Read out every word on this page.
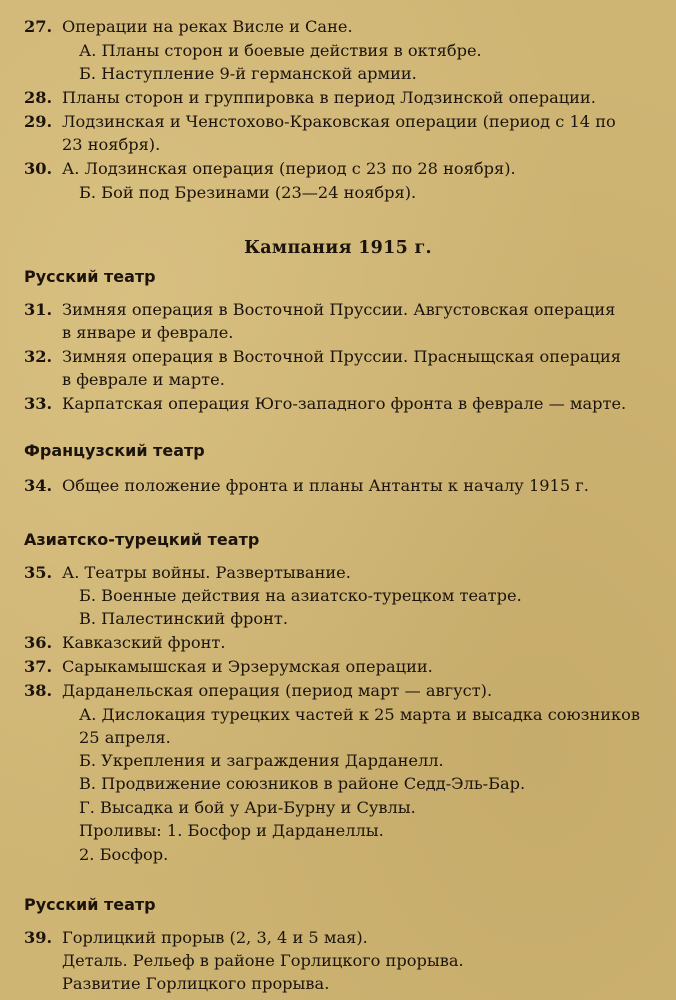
27. Операции на реках Висле и Сане.
А. Планы сторон и боевые действия в октябре.
Б. Наступление 9-й германской армии.
28. Планы сторон и группировка в период Лодзинской операции.
29. Лодзинская и Ченстохово-Краковская операции (период с 14 по
23 ноября).
30. А. Лодзинская операция (период с 23 по 28 ноября).
Б. Бой под Брезинами (23—24 ноября).
Кампания 1915 г.
Русский театр
31. Зимняя операция в Восточной Пруссии. Августовская операция
в январе и феврале.
32. Зимняя операция в Восточной Пруссии. Прасныщская операция
в феврале и марте.
33. Карпатская операция Юго-западного фронта в феврале — марте.
Французский театр
34. Общее положение фронта и планы Антанты к началу 1915 г.
Азиатско-турецкий театр
35. А. Театры войны. Развертывание.
Б. Военные действия на азиатско-турецком театре.
В. Палестинский фронт.
36. Кавказский фронт.
37. Сарыкамышская и Эрзерумская операции.
38. Дарданельская операция (период март — август).
А. Дислокация турецких частей к 25 марта и высадка союзников
25 апреля.
Б. Укрепления и заграждения Дарданелл.
В. Продвижение союзников в районе Седд-Эль-Бар.
Г. Высадка и бой у Ари-Бурну и Сувлы.
Проливы: 1. Босфор и Дарданеллы.
2. Босфор.
Русский театр
39. Горлицкий прорыв (2, 3, 4 и 5 мая).
Деталь. Рельеф в районе Горлицкого прорыва.
Развитие Горлицкого прорыва.
